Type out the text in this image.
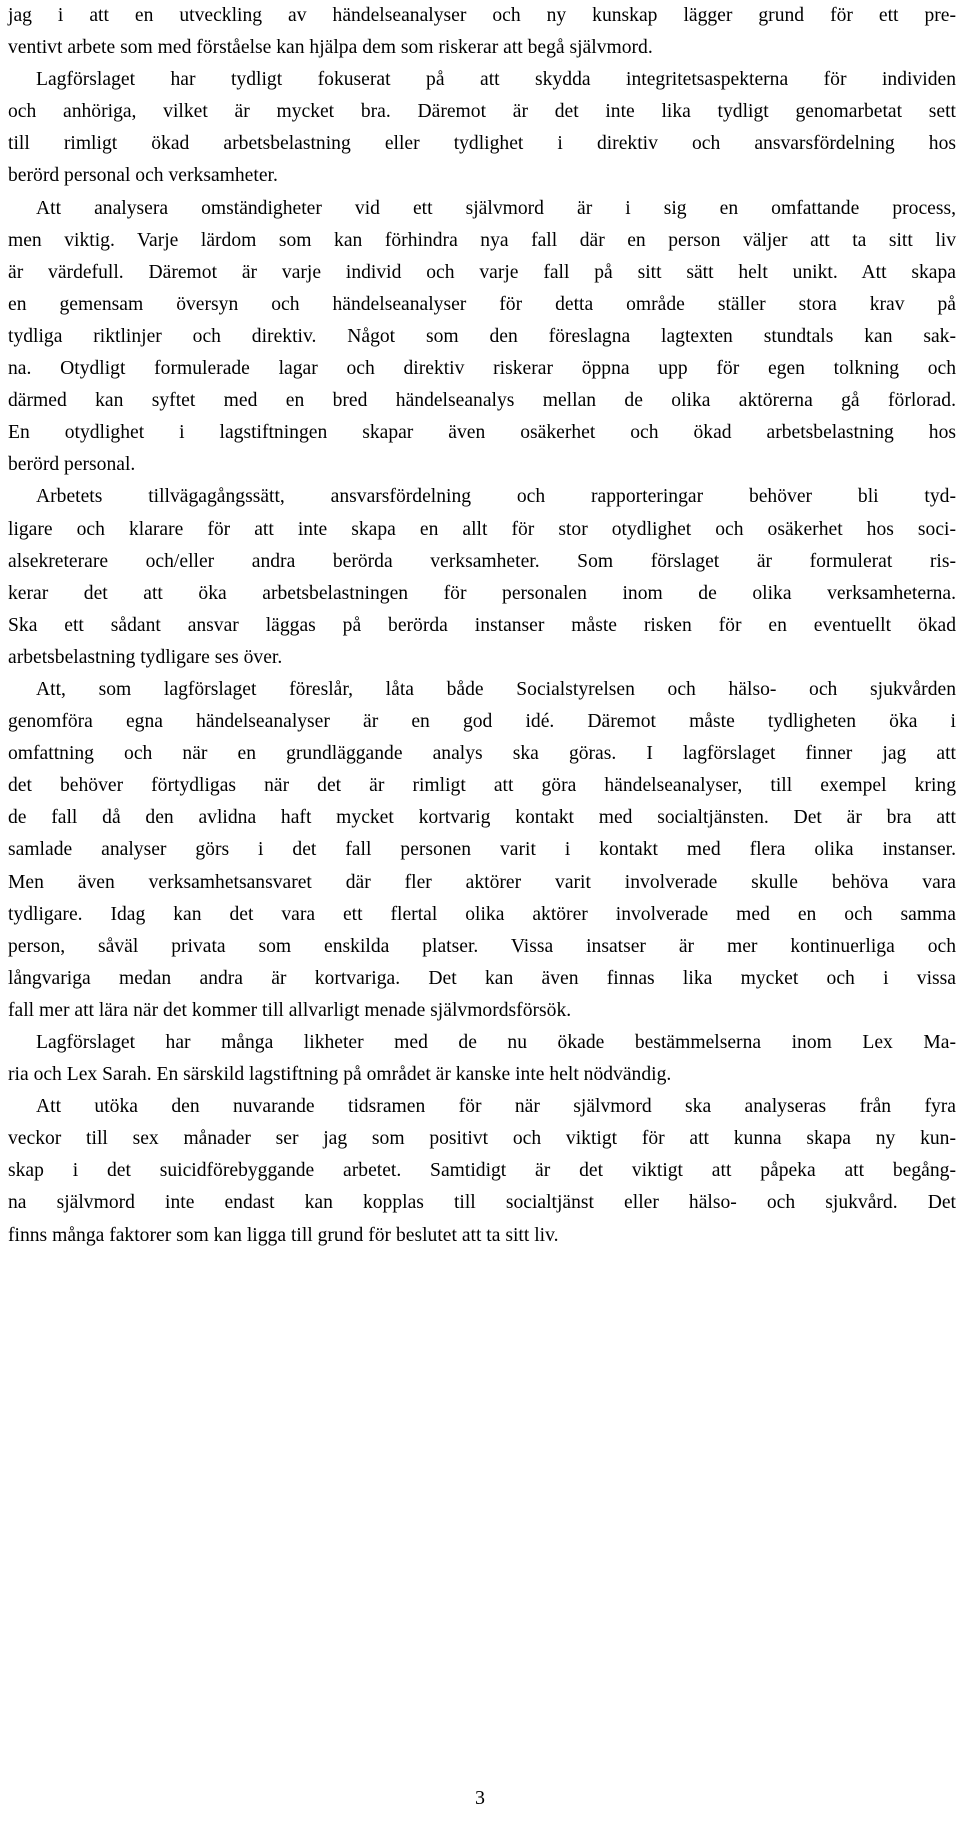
jag i att en utveckling av händelseanalyser och ny kunskap lägger grund för ett pre-
ventivt arbete som med förståelse kan hjälpa dem som riskerar att begå självmord.

Lagförslaget har tydligt fokuserat på att skydda integritetsaspekterna för individen
och anhöriga, vilket är mycket bra. Däremot är det inte lika tydligt genomarbetat sett
till rimligt ökad arbetsbelastning eller tydlighet i direktiv och ansvarsfördelning hos
berörd personal och verksamheter.

Att analysera omständigheter vid ett självmord är i sig en omfattande process,
men viktig. Varje lärdom som kan förhindra nya fall där en person väljer att ta sitt liv
är värdefull. Däremot är varje individ och varje fall på sitt sätt helt unikt. Att skapa
en gemensam översyn och händelseanalyser för detta område ställer stora krav på
tydliga riktlinjer och direktiv. Något som den föreslagna lagtexten stundtals kan sak-
na. Otydligt formulerade lagar och direktiv riskerar öppna upp för egen tolkning och
därmed kan syftet med en bred händelseanalys mellan de olika aktörerna gå förlorad.
En otydlighet i lagstiftningen skapar även osäkerhet och ökad arbetsbelastning hos
berörd personal.

Arbetets tillvägagångssätt, ansvarsfördelning och rapporteringar behöver bli tyd-
ligare och klarare för att inte skapa en allt för stor otydlighet och osäkerhet hos soci-
alsekreterare och/eller andra berörda verksamheter. Som förslaget är formulerat ris-
kerar det att öka arbetsbelastningen för personalen inom de olika verksamheterna.
Ska ett sådant ansvar läggas på berörda instanser måste risken för en eventuellt ökad
arbetsbelastning tydligare ses över.

Att, som lagförslaget föreslår, låta både Socialstyrelsen och hälso- och sjukvården
genomföra egna händelseanalyser är en god idé. Däremot måste tydligheten öka i
omfattning och när en grundläggande analys ska göras. I lagförslaget finner jag att
det behöver förtydligas när det är rimligt att göra händelseanalyser, till exempel kring
de fall då den avlidna haft mycket kortvarig kontakt med socialtjänsten. Det är bra att
samlade analyser görs i det fall personen varit i kontakt med flera olika instanser.
Men även verksamhetsansvaret där fler aktörer varit involverade skulle behöva vara
tydligare. Idag kan det vara ett flertal olika aktörer involverade med en och samma
person, såväl privata som enskilda platser. Vissa insatser är mer kontinuerliga och
långvariga medan andra är kortvariga. Det kan även finnas lika mycket och i vissa
fall mer att lära när det kommer till allvarligt menade självmordsförsök.

Lagförslaget har många likheter med de nu ökade bestämmelserna inom Lex Ma-
ria och Lex Sarah. En särskild lagstiftning på området är kanske inte helt nödvändig.

Att utöka den nuvarande tidsramen för när självmord ska analyseras från fyra
veckor till sex månader ser jag som positivt och viktigt för att kunna skapa ny kun-
skap i det suicidförebyggande arbetet. Samtidigt är det viktigt att påpeka att begång-
na självmord inte endast kan kopplas till socialtjänst eller hälso- och sjukvård. Det
finns många faktorer som kan ligga till grund för beslutet att ta sitt liv.

3
